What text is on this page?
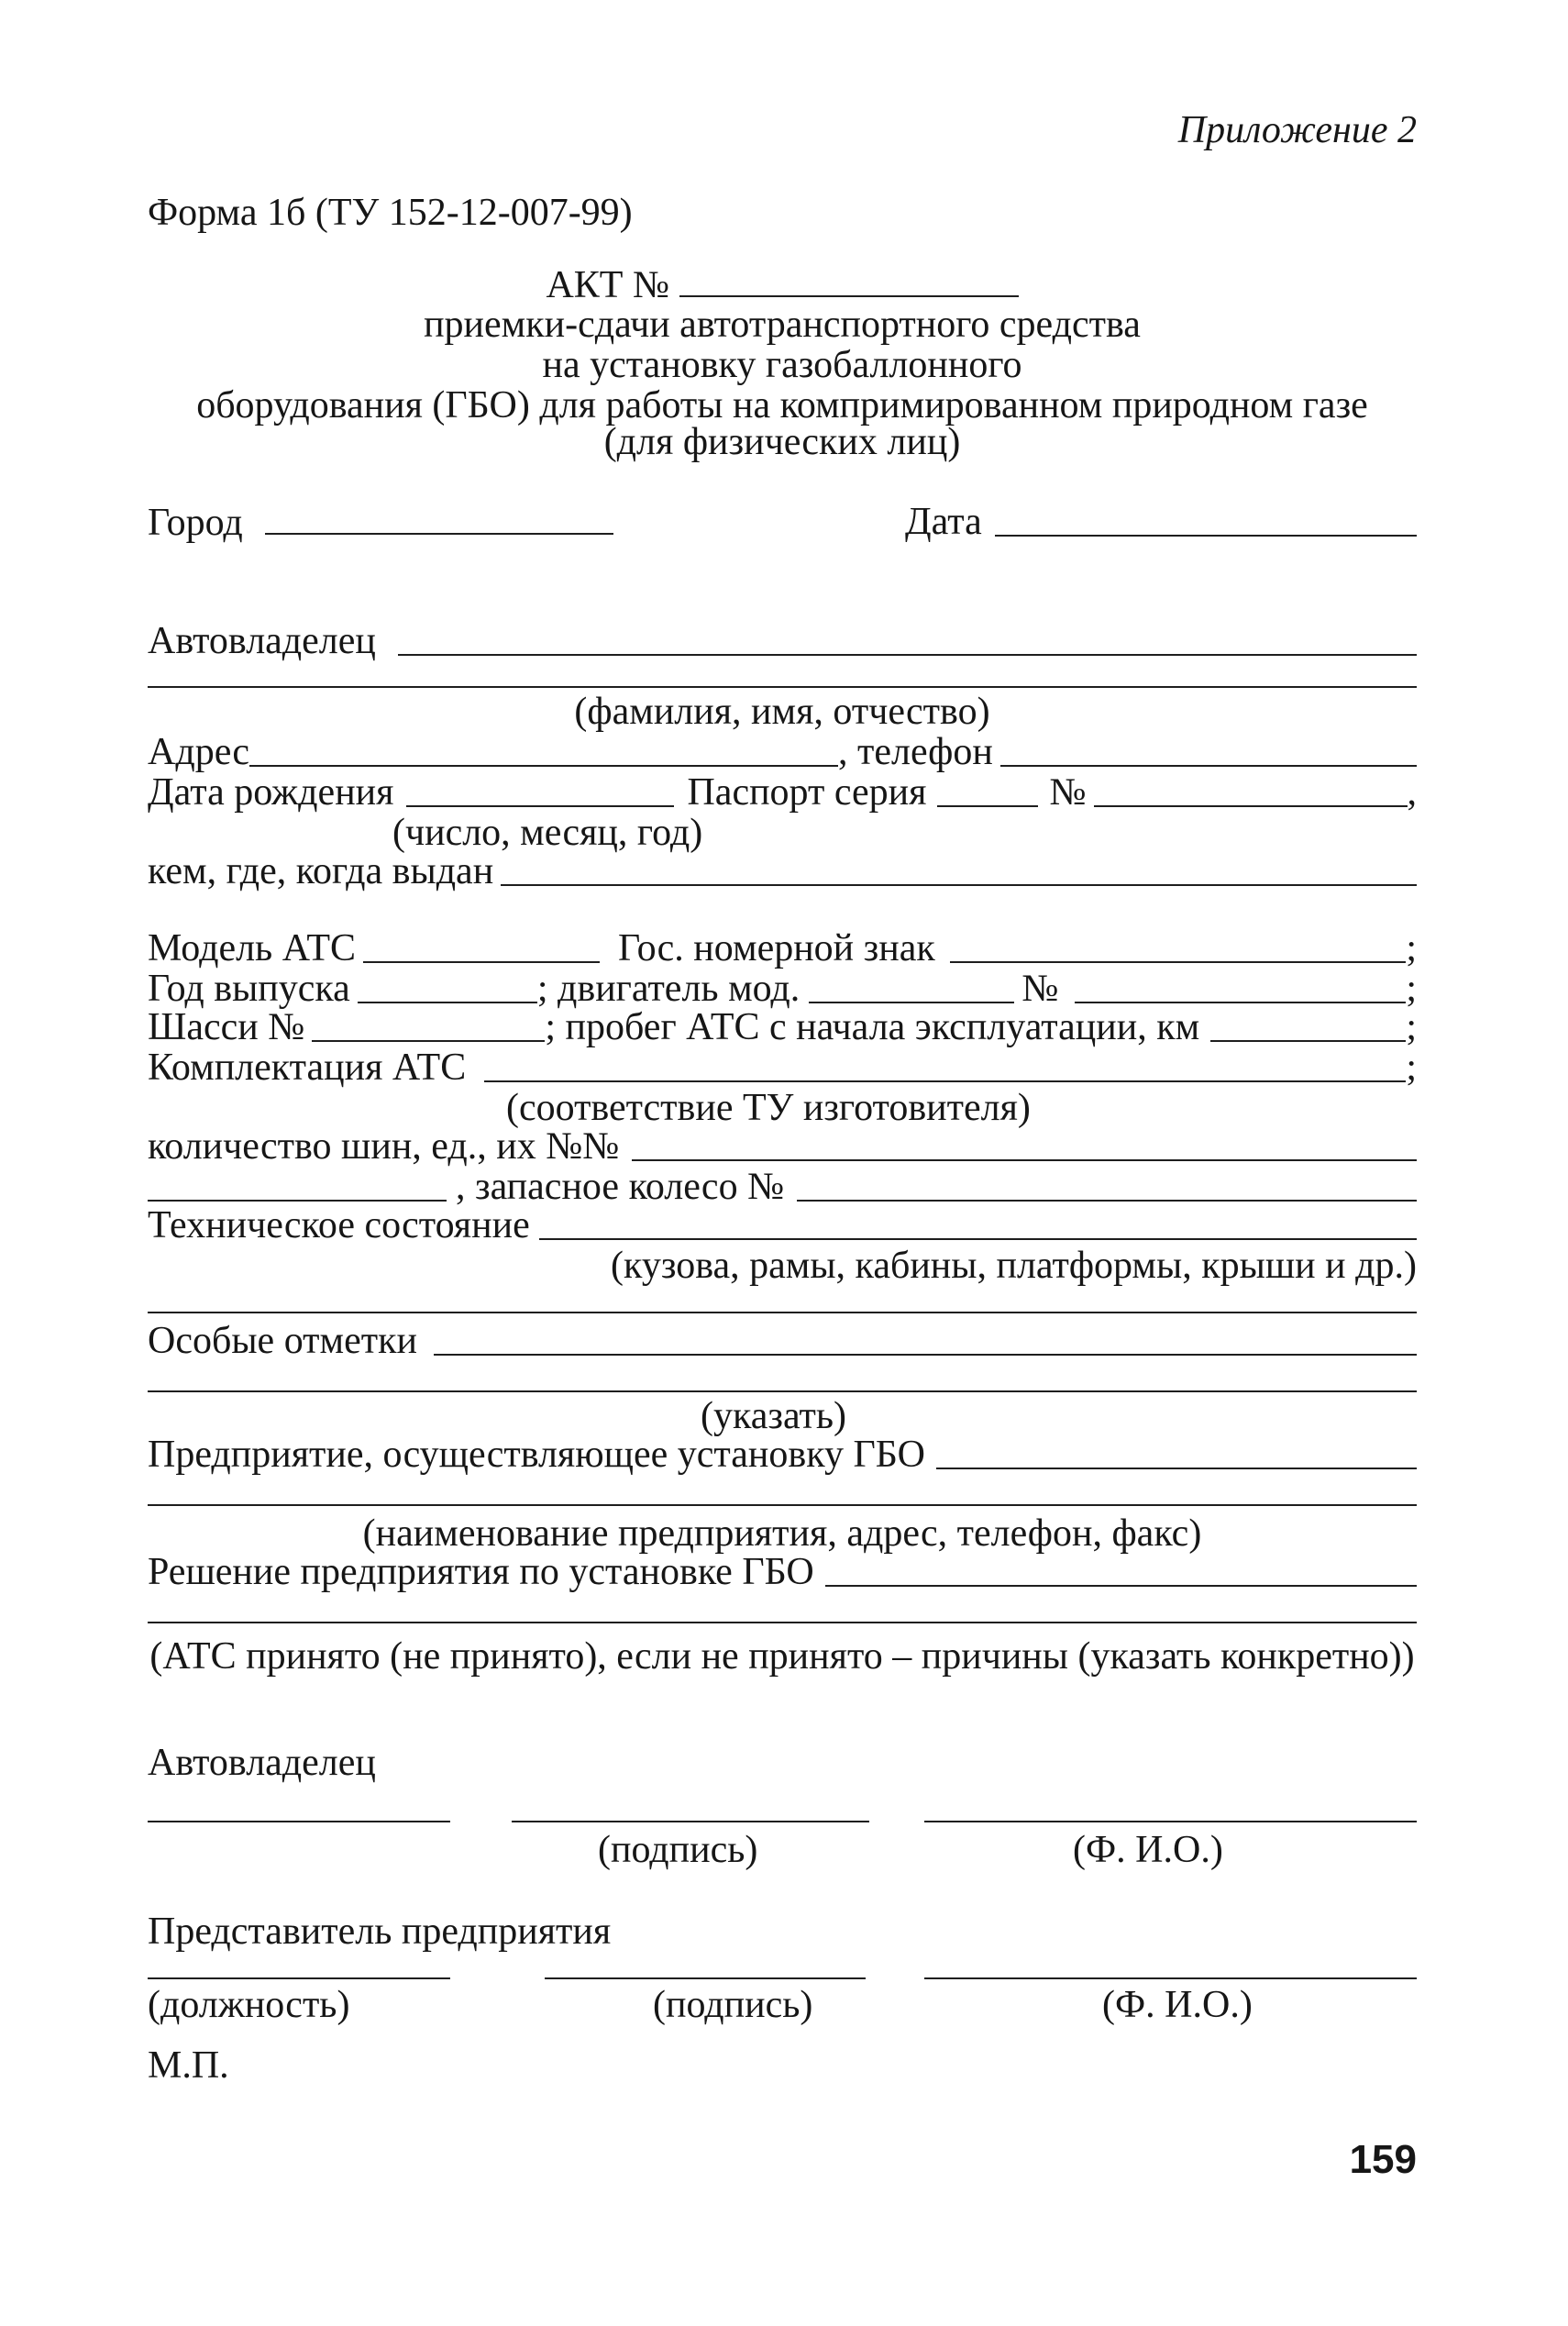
Приложение 2
Форма 1б (ТУ 152-12-007-99)
АКТ №
приемки-сдачи автотранспортного средства
на установку газобаллонного
оборудования (ГБО) для работы на компримированном природном газе
(для физических лиц)
Город	Дата
Автовладелец
(фамилия, имя, отчество)
Адрес	, телефон
Дата рождения	Паспорт серия	№	,
(число, месяц, год)
кем, где, когда выдан
Модель АТС	Гос. номерной знак	;
Год выпуска	; двигатель мод.	№	;
Шасси №	; пробег АТС с начала эксплуатации, км	;
Комплектация АТС	;
(соответствие ТУ изготовителя)
количество шин, ед., их №№
, запасное колесо №
Техническое состояние
(кузова, рамы, кабины, платформы, крыши и др.)
Особые отметки
(указать)
Предприятие, осуществляющее установку ГБО
(наименование предприятия, адрес, телефон, факс)
Решение предприятия по установке ГБО
(АТС принято (не принято), если не принято – причины (указать конкретно))
Автовладелец
(подпись)	(Ф. И.О.)
Представитель предприятия
(должность)	(подпись)	(Ф. И.О.)
М.П.
159
